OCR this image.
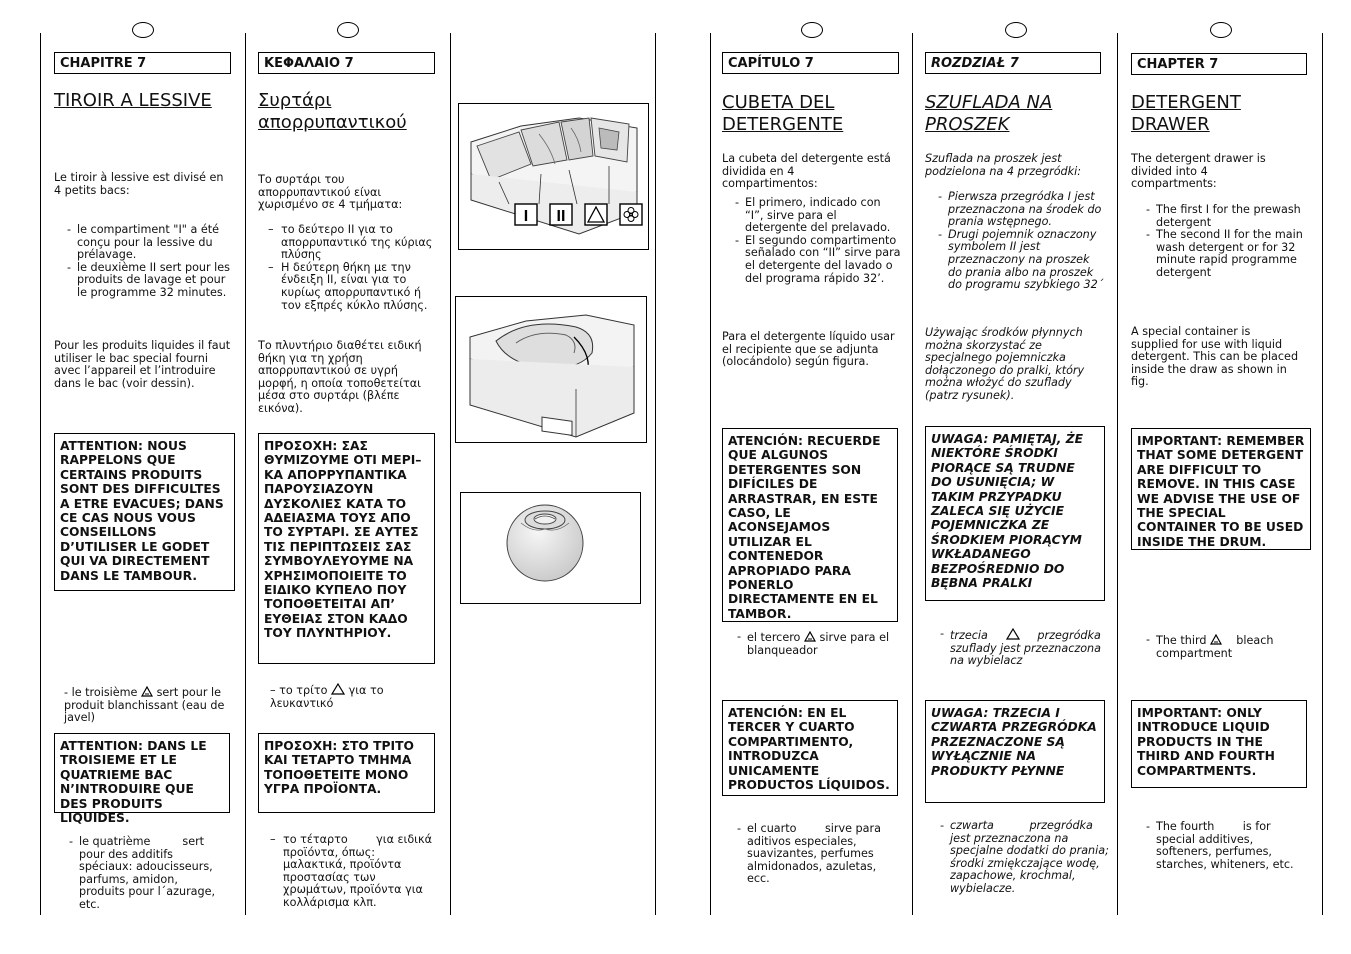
CHAPITRE 7
TIROIR A LESSIVE
Le tiroir à lessive est divisé en 4 petits bacs:
- le compartiment "I" a été conçu pour la lessive du prélavage.
- le deuxième II sert pour les produits de lavage et pour le programme 32 minutes.
Pour les produits liquides il faut utiliser le bac special fourni avec l’appareil et l’introduire dans le bac (voir dessin).
ATTENTION: NOUS RAPPELONS QUE CERTAINS PRODUITS SONT DES DIFFICULTES A ETRE EVACUES; DANS CE CAS NOUS VOUS CONSEILLONS D’UTILISER LE GODET QUI VA DIRECTEMENT DANS LE TAMBOUR.
- le troisième sert pour le produit blanchissant (eau de javel)
ATTENTION: DANS LE TROISIEME ET LE QUATRIEME BAC N’INTRODUIRE QUE DES PRODUITS LIQUIDES.
- le quatrième	sert pour des additifs spéciaux: adoucisseurs, parfums, amidon, produits pour l´azurage, etc.
ΚΕΦΑΛΑΙΟ 7
Συρτάρι απορρυπαντικού
Το συρτάρι του απορρυπαντικού είναι χωρισμένο σε 4 τμήματα:
– το δεύτερο II για το απορρυπαντικό της κύριας πλύσης
– Η δεύτερη θήκη με την ένδειξη II, είναι για το κυρίως απορρυπαντικό ή τον εξπρές κύκλο πλύσης.
Το πλυντήριο διαθέτει ειδική θήκη για τη χρήση απορρυπαντικού σε υγρή μορφή, η οποία τοποθετείται μέσα στο συρτάρι (βλέπε εικόνα).
ΠΡΟΣΟΧΗ: ΣΑΣ ΘΥΜΙΖΟΥΜΕ ΟΤΙ ΜΕΡΙ– ΚΑ ΑΠΟΡΡΥΠΑΝΤΙΚΑ ΠΑΡΟΥΣΙΑΖΟΥΝ ΔΥΣΚΟΛΙΕΣ ΚΑΤΑ ΤΟ ΑΔΕΙΑΣΜΑ ΤΟΥΣ ΑΠΟ ΤΟ ΣΥΡΤΑΡΙ. ΣΕ ΑΥΤΕΣ ΤΙΣ ΠΕΡΙΠΤΩΣΕΙΣ ΣΑΣ ΣΥΜΒΟΥΛΕΥΟΥΜΕ ΝΑ ΧΡΗΣΙΜΟΠΟΙΕΙΤΕ ΤΟ ΕΙΔΙΚΟ ΚΥΠΕΛΟ ΠΟΥ ΤΟΠΟΘΕΤΕΙΤΑΙ ΑΠ’ ΕΥΘΕΙΑΣ ΣΤΟΝ ΚΑΔΟ ΤΟΥ ΠΛΥΝΤΗΡΙΟΥ.
– το τρίτο για το λευκαντικό
ΠΡΟΣΟΧΗ: ΣΤΟ ΤΡΙΤΟ ΚΑΙ ΤΕΤΑΡΤΟ ΤΜΗΜΑ ΤΟΠΟΘΕΤΕΙΤΕ ΜΟΝΟ ΥΓΡΑ ΠΡΟΪΟΝΤΑ.
– το τέταρτο	για ειδικά προϊόντα, όπως: μαλακτικά, προϊόντα προστασίας των χρωμάτων, προϊόντα για κολλάρισμα κλπ.
I II
CAPÍTULO 7
CUBETA DEL DETERGENTE
La cubeta del detergente está dividida en 4 compartimentos:
- El primero, indicado con “I”, sirve para el detergente del prelavado.
- El segundo compartimento señalado con “II” sirve para el detergente del lavado o del programa rápido 32’.
Para el detergente líquido usar el recipiente que se adjunta (olocándolo) según figura.
ATENCIÓN: RECUERDE QUE ALGUNOS DETERGENTES SON DIFÍCILES DE ARRASTRAR, EN ESTE CASO, LE ACONSEJAMOS UTILIZAR EL CONTENEDOR APROPIADO PARA PONERLO DIRECTAMENTE EN EL TAMBOR.
- el tercero sirve para el blanqueador
ATENCIÓN: EN EL TERCER Y CUARTO COMPARTIMENTO, INTRODUZCA UNICAMENTE PRODUCTOS LÍQUIDOS.
- el cuarto	sirve para aditivos especiales, suavizantes, perfumes almidonados, azuletas, ecc.
ROZDZIAŁ 7
SZUFLADA NA PROSZEK
Szuflada na proszek jest podzielona na 4 przegródki:
- Pierwsza przegródka I jest przeznaczona na środek do prania wstępnego.
- Drugi pojemnik oznaczony symbolem II jest przeznaczony na proszek do prania albo na proszek do programu szybkiego 32´
Używając środków płynnych można skorzystać ze specjalnego pojemniczka dołączonego do pralki, który można włożyć do szuflady (patrz rysunek).
UWAGA: PAMIĘTAJ, ŻE NIEKTÓRE ŚRODKI PIORĄCE SĄ TRUDNE DO USUNIĘCIA; W TAKIM PRZYPADKU ZALECA SIĘ UŻYCIE POJEMNICZKA ZE ŚRODKIEM PIORĄCYM WKŁADANEGO BEZPOŚREDNIO DO BĘBNA PRALKI
- trzecia	przegródka szuflady jest przeznaczona na wybielacz
UWAGA: TRZECIA I CZWARTA PRZEGRÓDKA PRZEZNACZONE SĄ WYŁĄCZNIE NA PRODUKTY PŁYNNE
- czwarta	przegródka jest przeznaczona na specjalne dodatki do prania; środki zmiękczające wodę, zapachowe, krochmal, wybielacze.
CHAPTER 7
DETERGENT DRAWER
The detergent drawer is divided into 4 compartments:
- The first I for the prewash detergent
- The second II for the main wash detergent or for 32 minute rapid programme detergent
A special container is supplied for use with liquid detergent. This can be placed inside the draw as shown in fig.
IMPORTANT: REMEMBER THAT SOME DETERGENT ARE DIFFICULT TO REMOVE. IN THIS CASE WE ADVISE THE USE OF THE SPECIAL CONTAINER TO BE USED INSIDE THE DRUM.
- The third	bleach compartment
IMPORTANT: ONLY INTRODUCE LIQUID PRODUCTS IN THE THIRD AND FOURTH COMPARTMENTS.
- The fourth	is for special additives, softeners, perfumes, starches, whiteners, etc.
